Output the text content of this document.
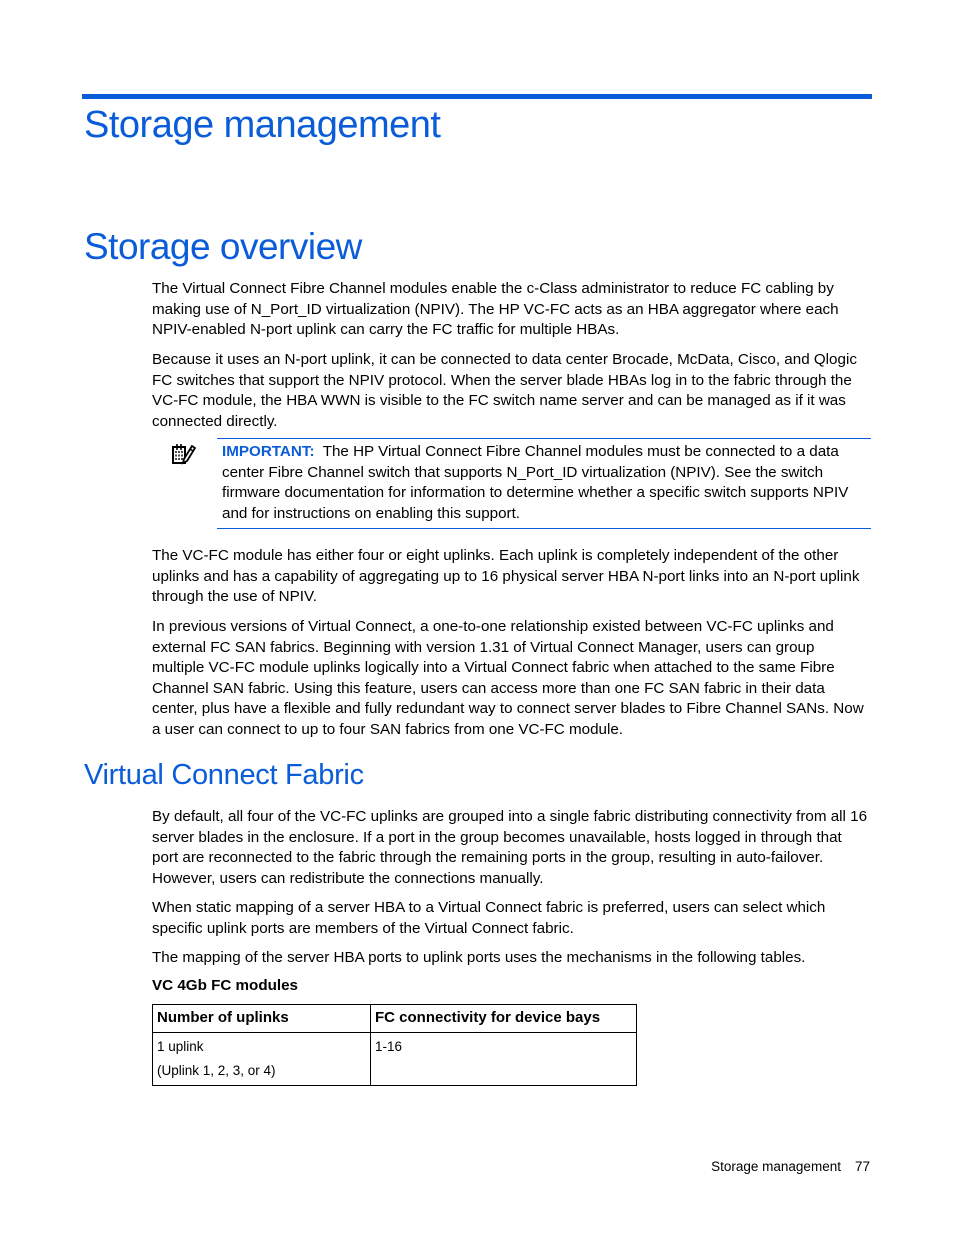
Storage management
Storage overview

The Virtual Connect Fibre Channel modules enable the c-Class administrator to reduce FC cabling by making use of N_Port_ID virtualization (NPIV). The HP VC-FC acts as an HBA aggregator where each NPIV-enabled N-port uplink can carry the FC traffic for multiple HBAs.

Because it uses an N-port uplink, it can be connected to data center Brocade, McData, Cisco, and Qlogic FC switches that support the NPIV protocol. When the server blade HBAs log in to the fabric through the VC-FC module, the HBA WWN is visible to the FC switch name server and can be managed as if it was connected directly.

IMPORTANT: The HP Virtual Connect Fibre Channel modules must be connected to a data center Fibre Channel switch that supports N_Port_ID virtualization (NPIV). See the switch firmware documentation for information to determine whether a specific switch supports NPIV and for instructions on enabling this support.

The VC-FC module has either four or eight uplinks. Each uplink is completely independent of the other uplinks and has a capability of aggregating up to 16 physical server HBA N-port links into an N-port uplink through the use of NPIV.

In previous versions of Virtual Connect, a one-to-one relationship existed between VC-FC uplinks and external FC SAN fabrics. Beginning with version 1.31 of Virtual Connect Manager, users can group multiple VC-FC module uplinks logically into a Virtual Connect fabric when attached to the same Fibre Channel SAN fabric. Using this feature, users can access more than one FC SAN fabric in their data center, plus have a flexible and fully redundant way to connect server blades to Fibre Channel SANs. Now a user can connect to up to four SAN fabrics from one VC-FC module.

Virtual Connect Fabric

By default, all four of the VC-FC uplinks are grouped into a single fabric distributing connectivity from all 16 server blades in the enclosure. If a port in the group becomes unavailable, hosts logged in through that port are reconnected to the fabric through the remaining ports in the group, resulting in auto-failover. However, users can redistribute the connections manually.

When static mapping of a server HBA to a Virtual Connect fabric is preferred, users can select which specific uplink ports are members of the Virtual Connect fabric.

The mapping of the server HBA ports to uplink ports uses the mechanisms in the following tables.

VC 4Gb FC modules

Number of uplinks	FC connectivity for device bays

1 uplink
(Uplink 1, 2, 3, or 4)	1-16
Storage management 77
